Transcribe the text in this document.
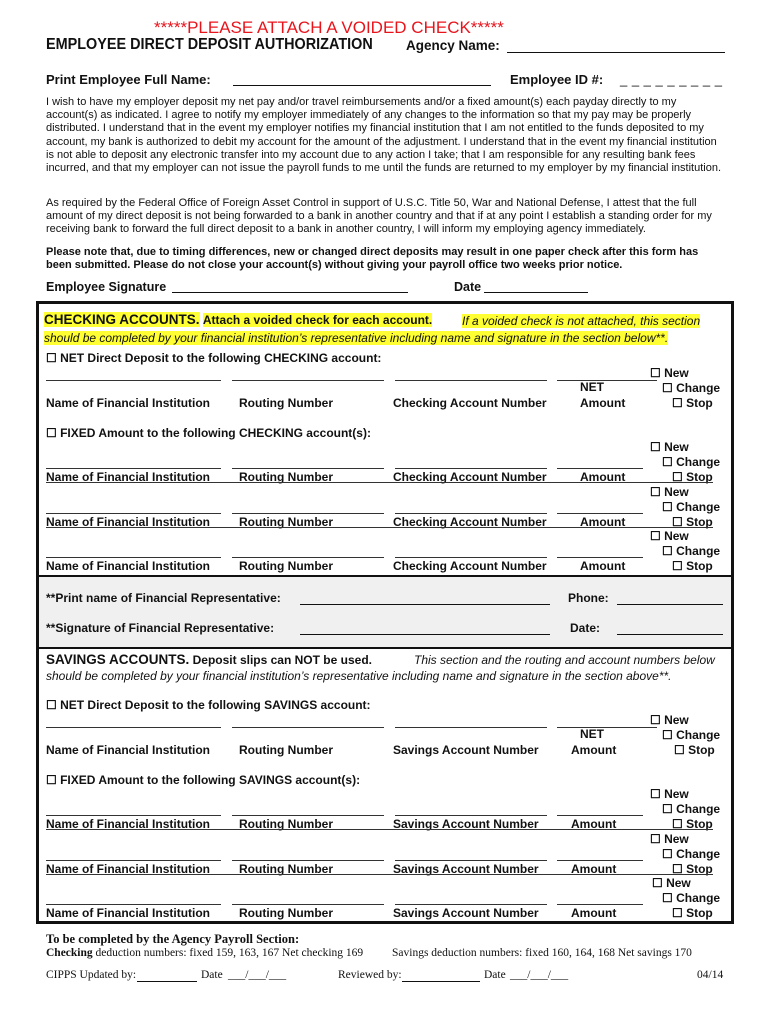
*****PLEASE ATTACH A VOIDED CHECK*****
EMPLOYEE DIRECT DEPOSIT AUTHORIZATION Agency Name:
Print Employee Full Name:	Employee ID #: _ _ _ _ _ _ _ _ _
I wish to have my employer deposit my net pay and/or travel reimbursements and/or a fixed amount(s) each payday directly to my account(s) as indicated. I agree to notify my employer immediately of any changes to the information so that my pay may be properly distributed. I understand that in the event my employer notifies my financial institution that I am not entitled to the funds deposited to my account, my bank is authorized to debit my account for the amount of the adjustment. I understand that in the event my financial institution is not able to deposit any electronic transfer into my account due to any action I take; that I am responsible for any resulting bank fees incurred, and that my employer can not issue the payroll funds to me until the funds are returned to my employer by my financial institution.
As required by the Federal Office of Foreign Asset Control in support of U.S.C. Title 50, War and National Defense, I attest that the full amount of my direct deposit is not being forwarded to a bank in another country and that if at any point I establish a standing order for my receiving bank to forward the full direct deposit to a bank in another country, I will inform my employing agency immediately.
Please note that, due to timing differences, new or changed direct deposits may result in one paper check after this form has been submitted. Please do not close your account(s) without giving your payroll office two weeks prior notice.
Employee Signature	Date
CHECKING ACCOUNTS. Attach a voided check for each account.	If a voided check is not attached, this section should be completed by your financial institution’s representative including name and signature in the section below**.
☐ NET Direct Deposit to the following CHECKING account:
NET
☐ New
☐ Change
☐ Stop
Name of Financial Institution Routing Number	Checking Account Number	Amount
☐ FIXED Amount to the following CHECKING account(s):
☐ New
☐ Change
☐ Stop
Name of Financial Institution Routing Number	Checking Account Number	Amount
☐ New
☐ Change
☐ Stop
Name of Financial Institution Routing Number	Checking Account Number	Amount
☐ New
☐ Change
☐ Stop
Name of Financial Institution Routing Number	Checking Account Number	Amount
**Print name of Financial Representative:	Phone:
**Signature of Financial Representative:	Date:
SAVINGS ACCOUNTS. Deposit slips can NOT be used.	This section and the routing and account numbers below should be completed by your financial institution’s representative including name and signature in the section above**.
☐ NET Direct Deposit to the following SAVINGS account:
NET
☐ New
☐ Change
☐ Stop
Name of Financial Institution Routing Number	Savings Account Number	Amount
☐ FIXED Amount to the following SAVINGS account(s):
☐ New
☐ Change
☐ Stop
Name of Financial Institution Routing Number	Savings Account Number	Amount
☐ New
☐ Change
☐ Stop
Name of Financial Institution Routing Number	Savings Account Number	Amount
☐ New
☐ Change
☐ Stop
Name of Financial Institution Routing Number	Savings Account Number	Amount
To be completed by the Agency Payroll Section:
Checking deduction numbers: fixed 159, 163, 167 Net checking 169	Savings deduction numbers: fixed 160, 164, 168 Net savings 170
CIPPS Updated by:	Date ___/___/___	Reviewed by:	Date ___/___/___	04/14
